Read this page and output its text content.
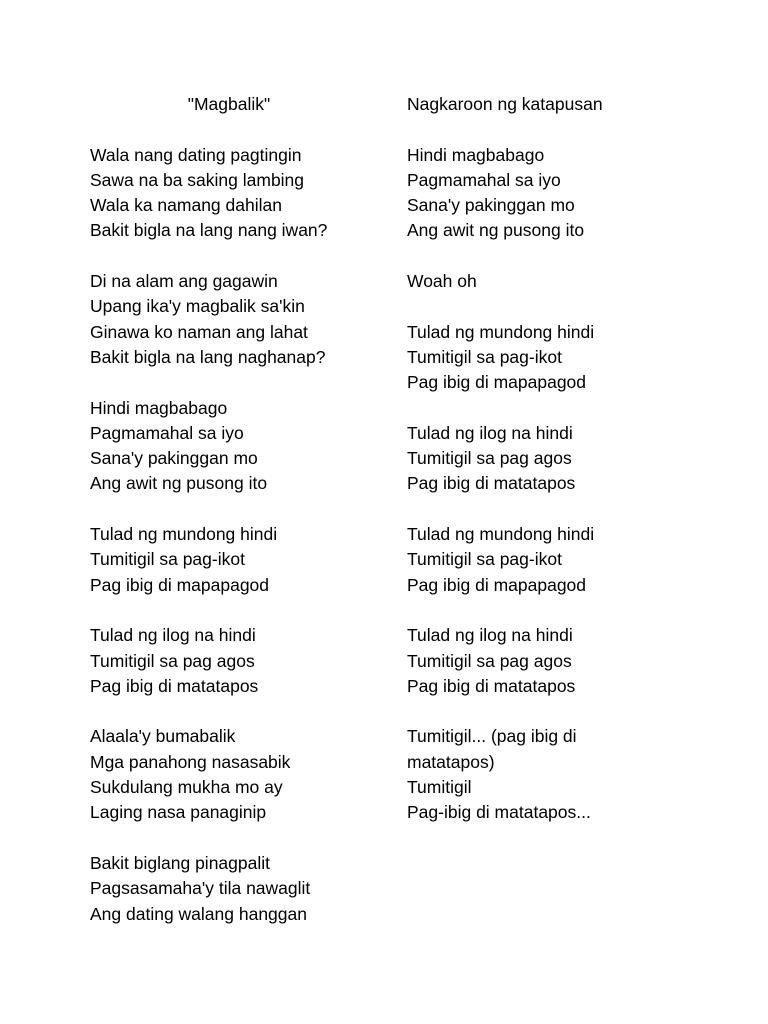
"Magbalik"
Wala nang dating pagtingin
Sawa na ba saking lambing
Wala ka namang dahilan
Bakit bigla na lang nang iwan?
Di na alam ang gagawin
Upang ika'y magbalik sa'kin
Ginawa ko naman ang lahat
Bakit bigla na lang naghanap?
Hindi magbabago
Pagmamahal sa iyo
Sana'y pakinggan mo
Ang awit ng pusong ito
Tulad ng mundong hindi
Tumitigil sa pag-ikot
Pag ibig di mapapagod
Tulad ng ilog na hindi
Tumitigil sa pag agos
Pag ibig di matatapos
Alaala'y bumabalik
Mga panahong nasasabik
Sukdulang mukha mo ay
Laging nasa panaginip
Bakit biglang pinagpalit
Pagsasamaha'y tila nawaglit
Ang dating walang hanggan
Nagkaroon ng katapusan
Hindi magbabago
Pagmamahal sa iyo
Sana'y pakinggan mo
Ang awit ng pusong ito
Woah oh
Tulad ng mundong hindi
Tumitigil sa pag-ikot
Pag ibig di mapapagod
Tulad ng ilog na hindi
Tumitigil sa pag agos
Pag ibig di matatapos
Tulad ng mundong hindi
Tumitigil sa pag-ikot
Pag ibig di mapapagod
Tulad ng ilog na hindi
Tumitigil sa pag agos
Pag ibig di matatapos
Tumitigil... (pag ibig di
matatapos)
Tumitigil
Pag-ibig di matatapos...
